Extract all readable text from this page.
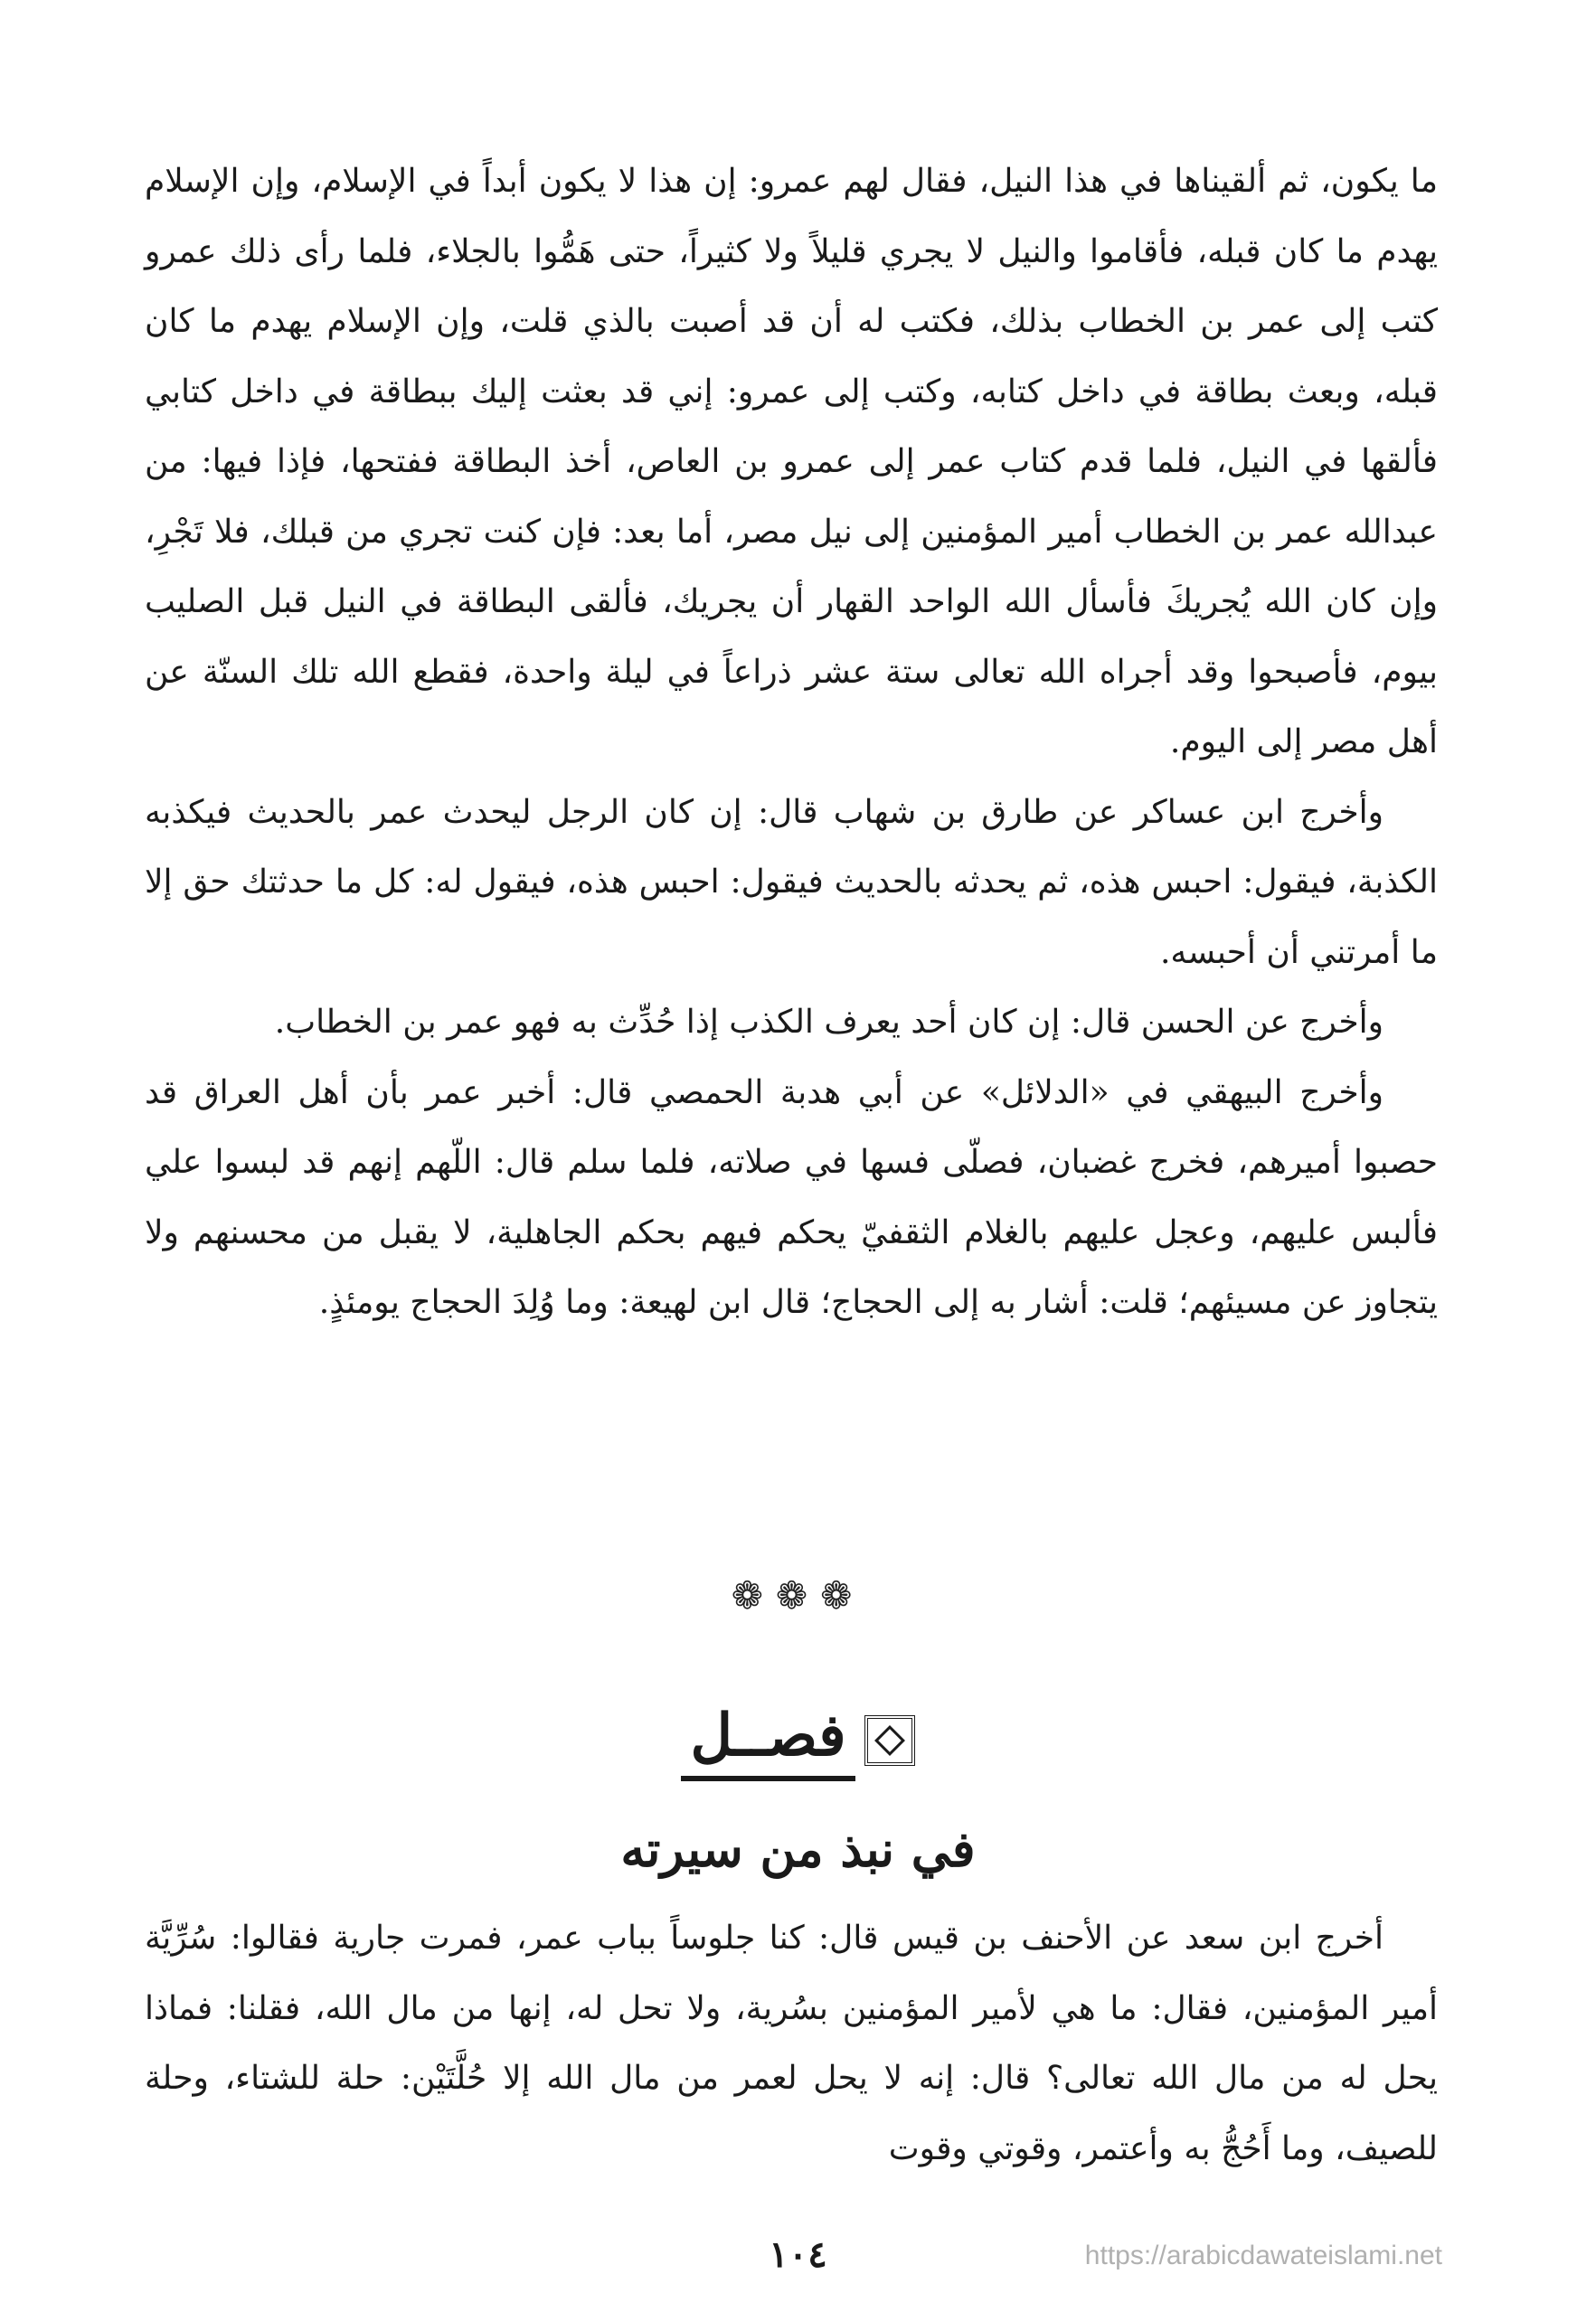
ما يكون، ثم ألقيناها في هذا النيل، فقال لهم عمرو: إن هذا لا يكون أبداً في الإسلام، وإن الإسلام يهدم ما كان قبله، فأقاموا والنيل لا يجري قليلاً ولا كثيراً، حتى هَمُّوا بالجلاء، فلما رأى ذلك عمرو كتب إلى عمر بن الخطاب بذلك، فكتب له أن قد أصبت بالذي قلت، وإن الإسلام يهدم ما كان قبله، وبعث بطاقة في داخل كتابه، وكتب إلى عمرو: إني قد بعثت إليك ببطاقة في داخل كتابي فألقها في النيل، فلما قدم كتاب عمر إلى عمرو بن العاص، أخذ البطاقة ففتحها، فإذا فيها: من عبدالله عمر بن الخطاب أمير المؤمنين إلى نيل مصر، أما بعد: فإن كنت تجري من قبلك، فلا تَجْرِ، وإن كان الله يُجريكَ فأسأل الله الواحد القهار أن يجريك، فألقى البطاقة في النيل قبل الصليب بيوم، فأصبحوا وقد أجراه الله تعالى ستة عشر ذراعاً في ليلة واحدة، فقطع الله تلك السنّة عن أهل مصر إلى اليوم.

وأخرج ابن عساكر عن طارق بن شهاب قال: إن كان الرجل ليحدث عمر بالحديث فيكذبه الكذبة، فيقول: احبس هذه، ثم يحدثه بالحديث فيقول: احبس هذه، فيقول له: كل ما حدثتك حق إلا ما أمرتني أن أحبسه.

وأخرج عن الحسن قال: إن كان أحد يعرف الكذب إذا حُدِّث به فهو عمر بن الخطاب.

وأخرج البيهقي في «الدلائل» عن أبي هدبة الحمصي قال: أخبر عمر بأن أهل العراق قد حصبوا أميرهم، فخرج غضبان، فصلّى فسها في صلاته، فلما سلم قال: اللّهم إنهم قد لبسوا علي فألبس عليهم، وعجل عليهم بالغلام الثقفيّ يحكم فيهم بحكم الجاهلية، لا يقبل من محسنهم ولا يتجاوز عن مسيئهم؛ قلت: أشار به إلى الحجاج؛ قال ابن لهيعة: وما وُلِدَ الحجاج يومئذٍ.

❁❁❁
فصــل
في نبذ من سيرته

أخرج ابن سعد عن الأحنف بن قيس قال: كنا جلوساً بباب عمر، فمرت جارية فقالوا: سُرِّيَّة أمير المؤمنين، فقال: ما هي لأمير المؤمنين بسُرية، ولا تحل له، إنها من مال الله، فقلنا: فماذا يحل له من مال الله تعالى؟ قال: إنه لا يحل لعمر من مال الله إلا حُلَّتَيْن: حلة للشتاء، وحلة للصيف، وما أَحُجُّ به وأعتمر، وقوتي وقوت

١٠٤	https://arabicdawateislami.net
